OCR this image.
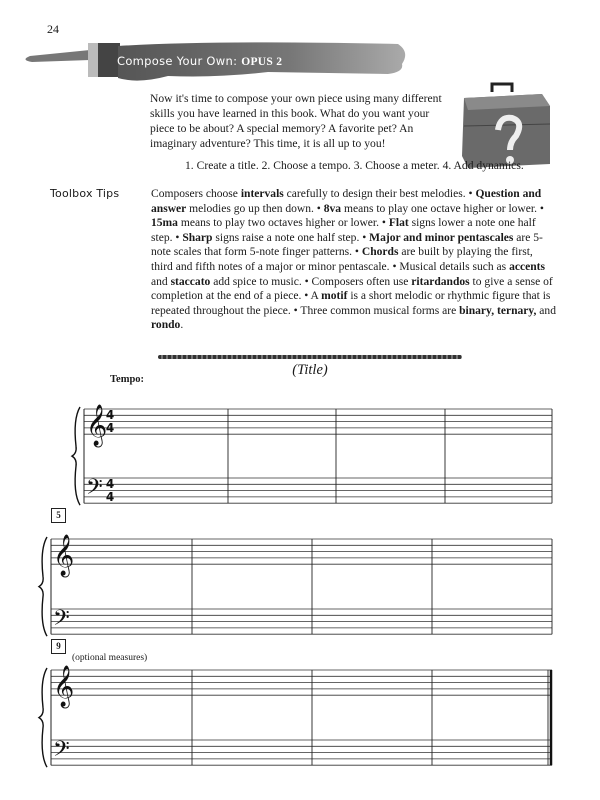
24
Compose Your Own: OPUS 2
Now it's time to compose your own piece using many different skills you have learned in this book. What do you want your piece to be about? A special memory? A favorite pet? An imaginary adventure? This time, it is all up to you!
1. Create a title. 2. Choose a tempo. 3. Choose a meter. 4. Add dynamics.
Toolbox Tips	Composers choose intervals carefully to design their best melodies. • Question and answer melodies go up then down. • 8va means to play one octave higher or lower. • 15ma means to play two octaves higher or lower. • Flat signs lower a note one half step. • Sharp signs raise a note one half step. • Major and minor pentascales are 5-note scales that form 5-note finger patterns. • Chords are built by playing the first, third and fifth notes of a major or minor pentascale. • Musical details such as accents and staccato add spice to music. • Composers often use ritardandos to give a sense of completion at the end of a piece. • A motif is a short melodic or rhythmic figure that is repeated throughout the piece. • Three common musical forms are binary, ternary, and rondo.
(Title)
Tempo:
5
9
(optional measures)
𝄞
𝄢
𝄞
𝄢
𝄞
𝄢
4
4
4
4
